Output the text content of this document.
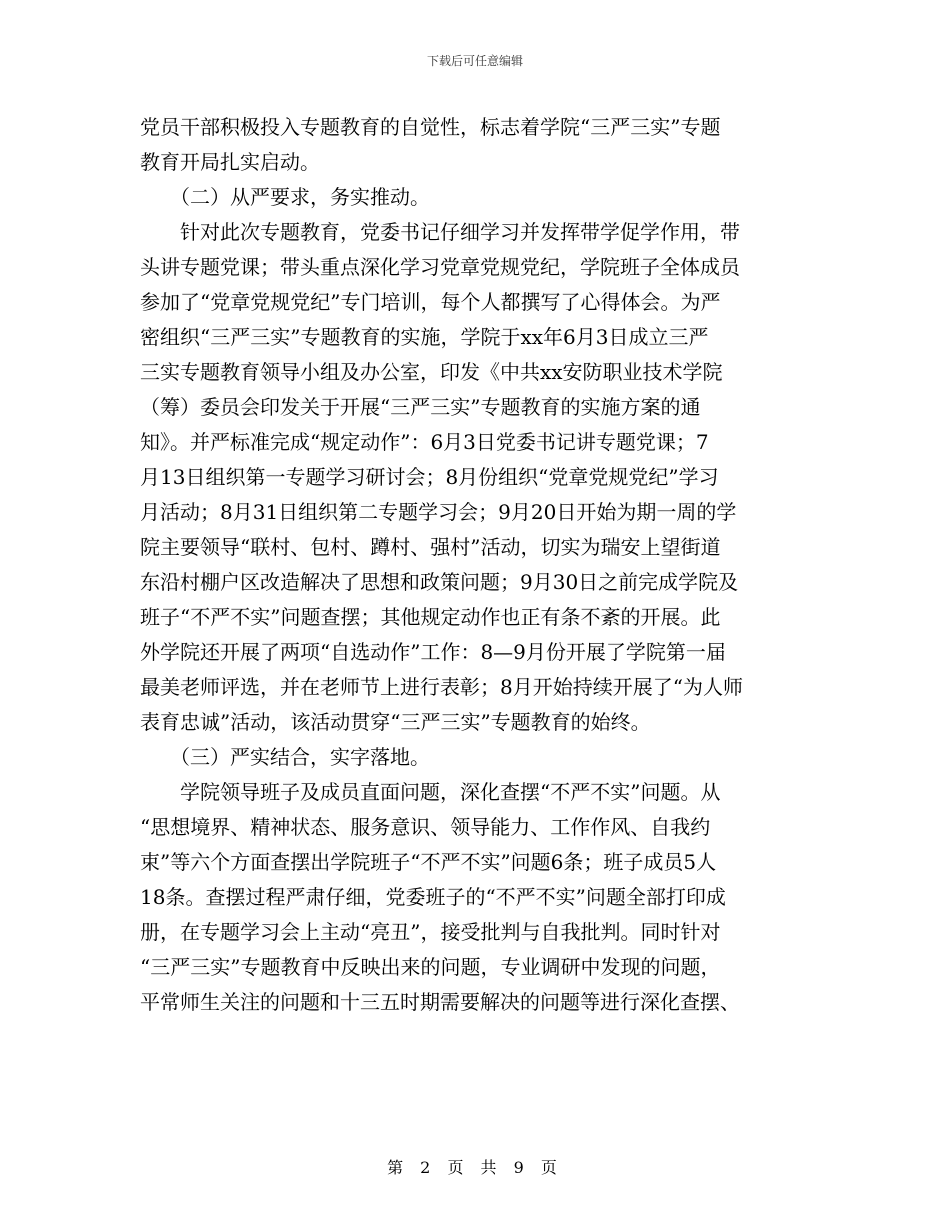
下载后可任意编辑
党员干部积极投入专题教育的自觉性，标志着学院“三严三实”专题
教育开局扎实启动。
　　（二）从严要求，务实推动。
　　针对此次专题教育，党委书记仔细学习并发挥带学促学作用，带
头讲专题党课；带头重点深化学习党章党规党纪，学院班子全体成员
参加了“党章党规党纪”专门培训，每个人都撰写了心得体会。为严
密组织“三严三实”专题教育的实施，学院于xx年6月3日成立三严
三实专题教育领导小组及办公室，印发《中共xx安防职业技术学院
（筹）委员会印发关于开展“三严三实”专题教育的实施方案的通
知》。并严标准完成“规定动作”：6月3日党委书记讲专题党课；7
月13日组织第一专题学习研讨会；8月份组织“党章党规党纪”学习
月活动；8月31日组织第二专题学习会；9月20日开始为期一周的学
院主要领导“联村、包村、蹲村、强村”活动，切实为瑞安上望街道
东沿村棚户区改造解决了思想和政策问题；9月30日之前完成学院及
班子“不严不实”问题查摆；其他规定动作也正有条不紊的开展。此
外学院还开展了两项“自选动作”工作：8—9月份开展了学院第一届
最美老师评选，并在老师节上进行表彰；8月开始持续开展了“为人师
表育忠诚”活动，该活动贯穿“三严三实”专题教育的始终。
　　（三）严实结合，实字落地。
　　学院领导班子及成员直面问题，深化查摆“不严不实”问题。从
“思想境界、精神状态、服务意识、领导能力、工作作风、自我约
束”等六个方面查摆出学院班子“不严不实”问题6条；班子成员5人
18条。查摆过程严肃仔细，党委班子的“不严不实”问题全部打印成
册，在专题学习会上主动“亮丑”，接受批判与自我批判。同时针对
“三严三实”专题教育中反映出来的问题，专业调研中发现的问题，
平常师生关注的问题和十三五时期需要解决的问题等进行深化查摆、
第 2 页 共 9 页
